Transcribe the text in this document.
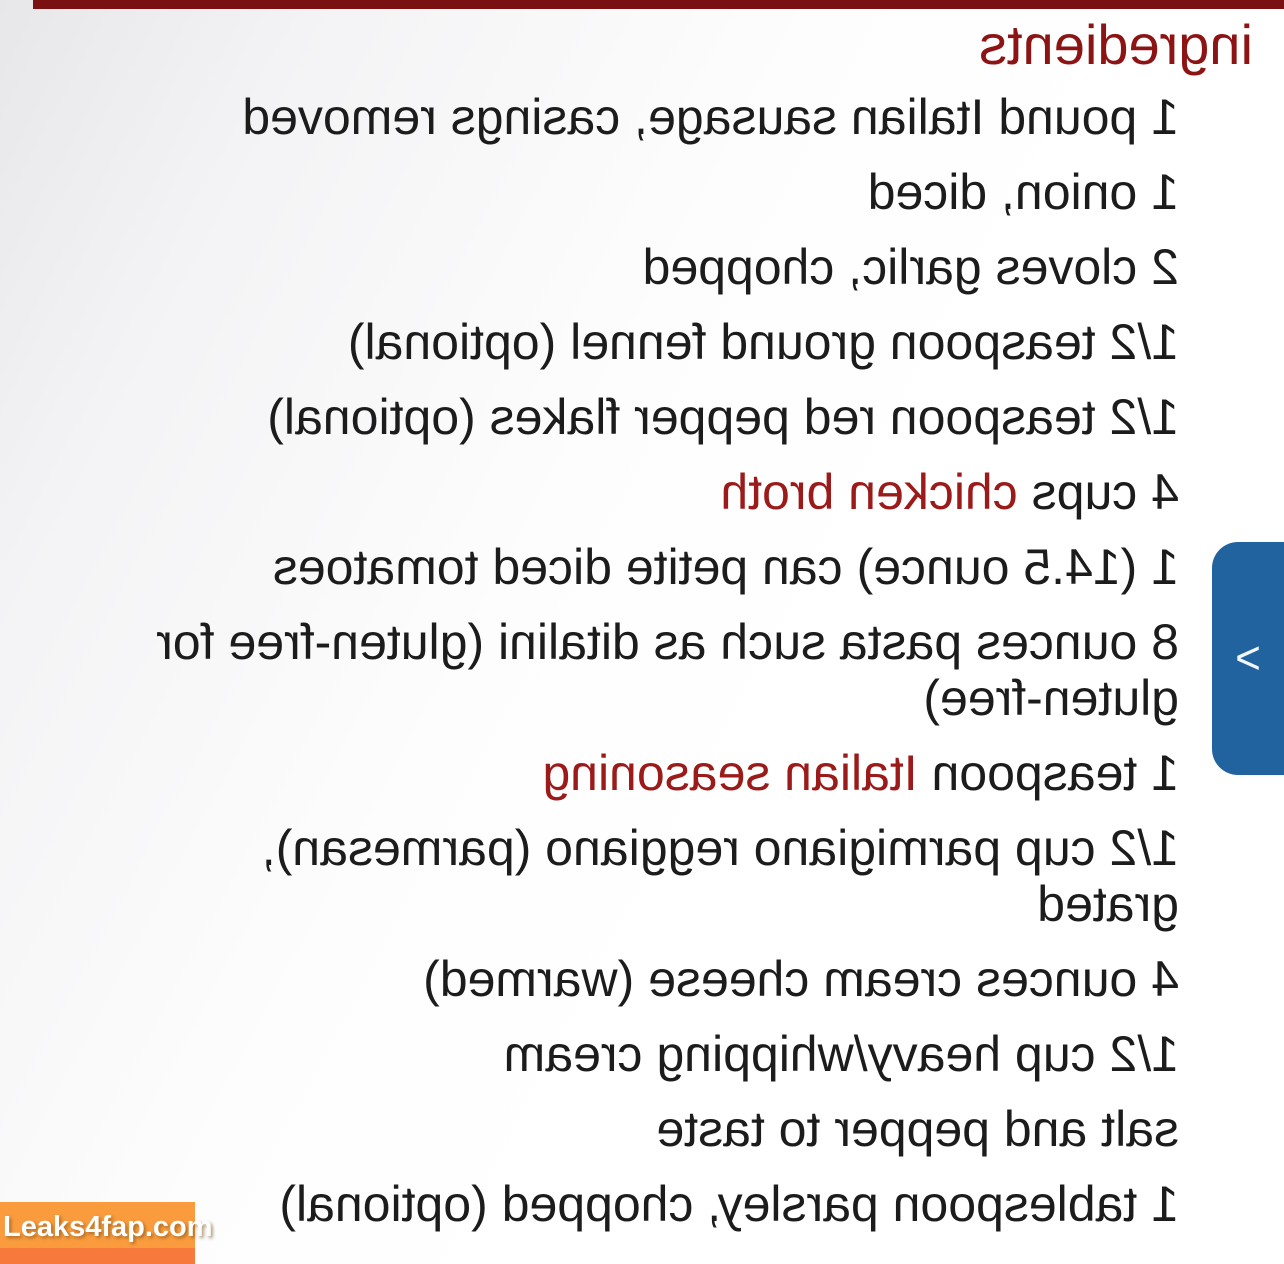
ingredients
1 pound Italian sausage, casings removed
1 onion, diced
2 cloves garlic, chopped
1/2 teaspoon ground fennel (optional)
1/2 teaspoon red pepper flakes (optional)
4 cups chicken broth
1 (14.5 ounce) can petite diced tomatoes
8 ounces pasta such as ditalini (gluten-free for
gluten-free)
1 teaspoon Italian seasoning
1/2 cup parmigiano reggiano (parmesan),
grated
4 ounces cream cheese (warmed)
1/2 cup heavy/whipping cream
salt and pepper to taste
1 tablespoon parsley, chopped (optional)
>
Leaks4fap.com
